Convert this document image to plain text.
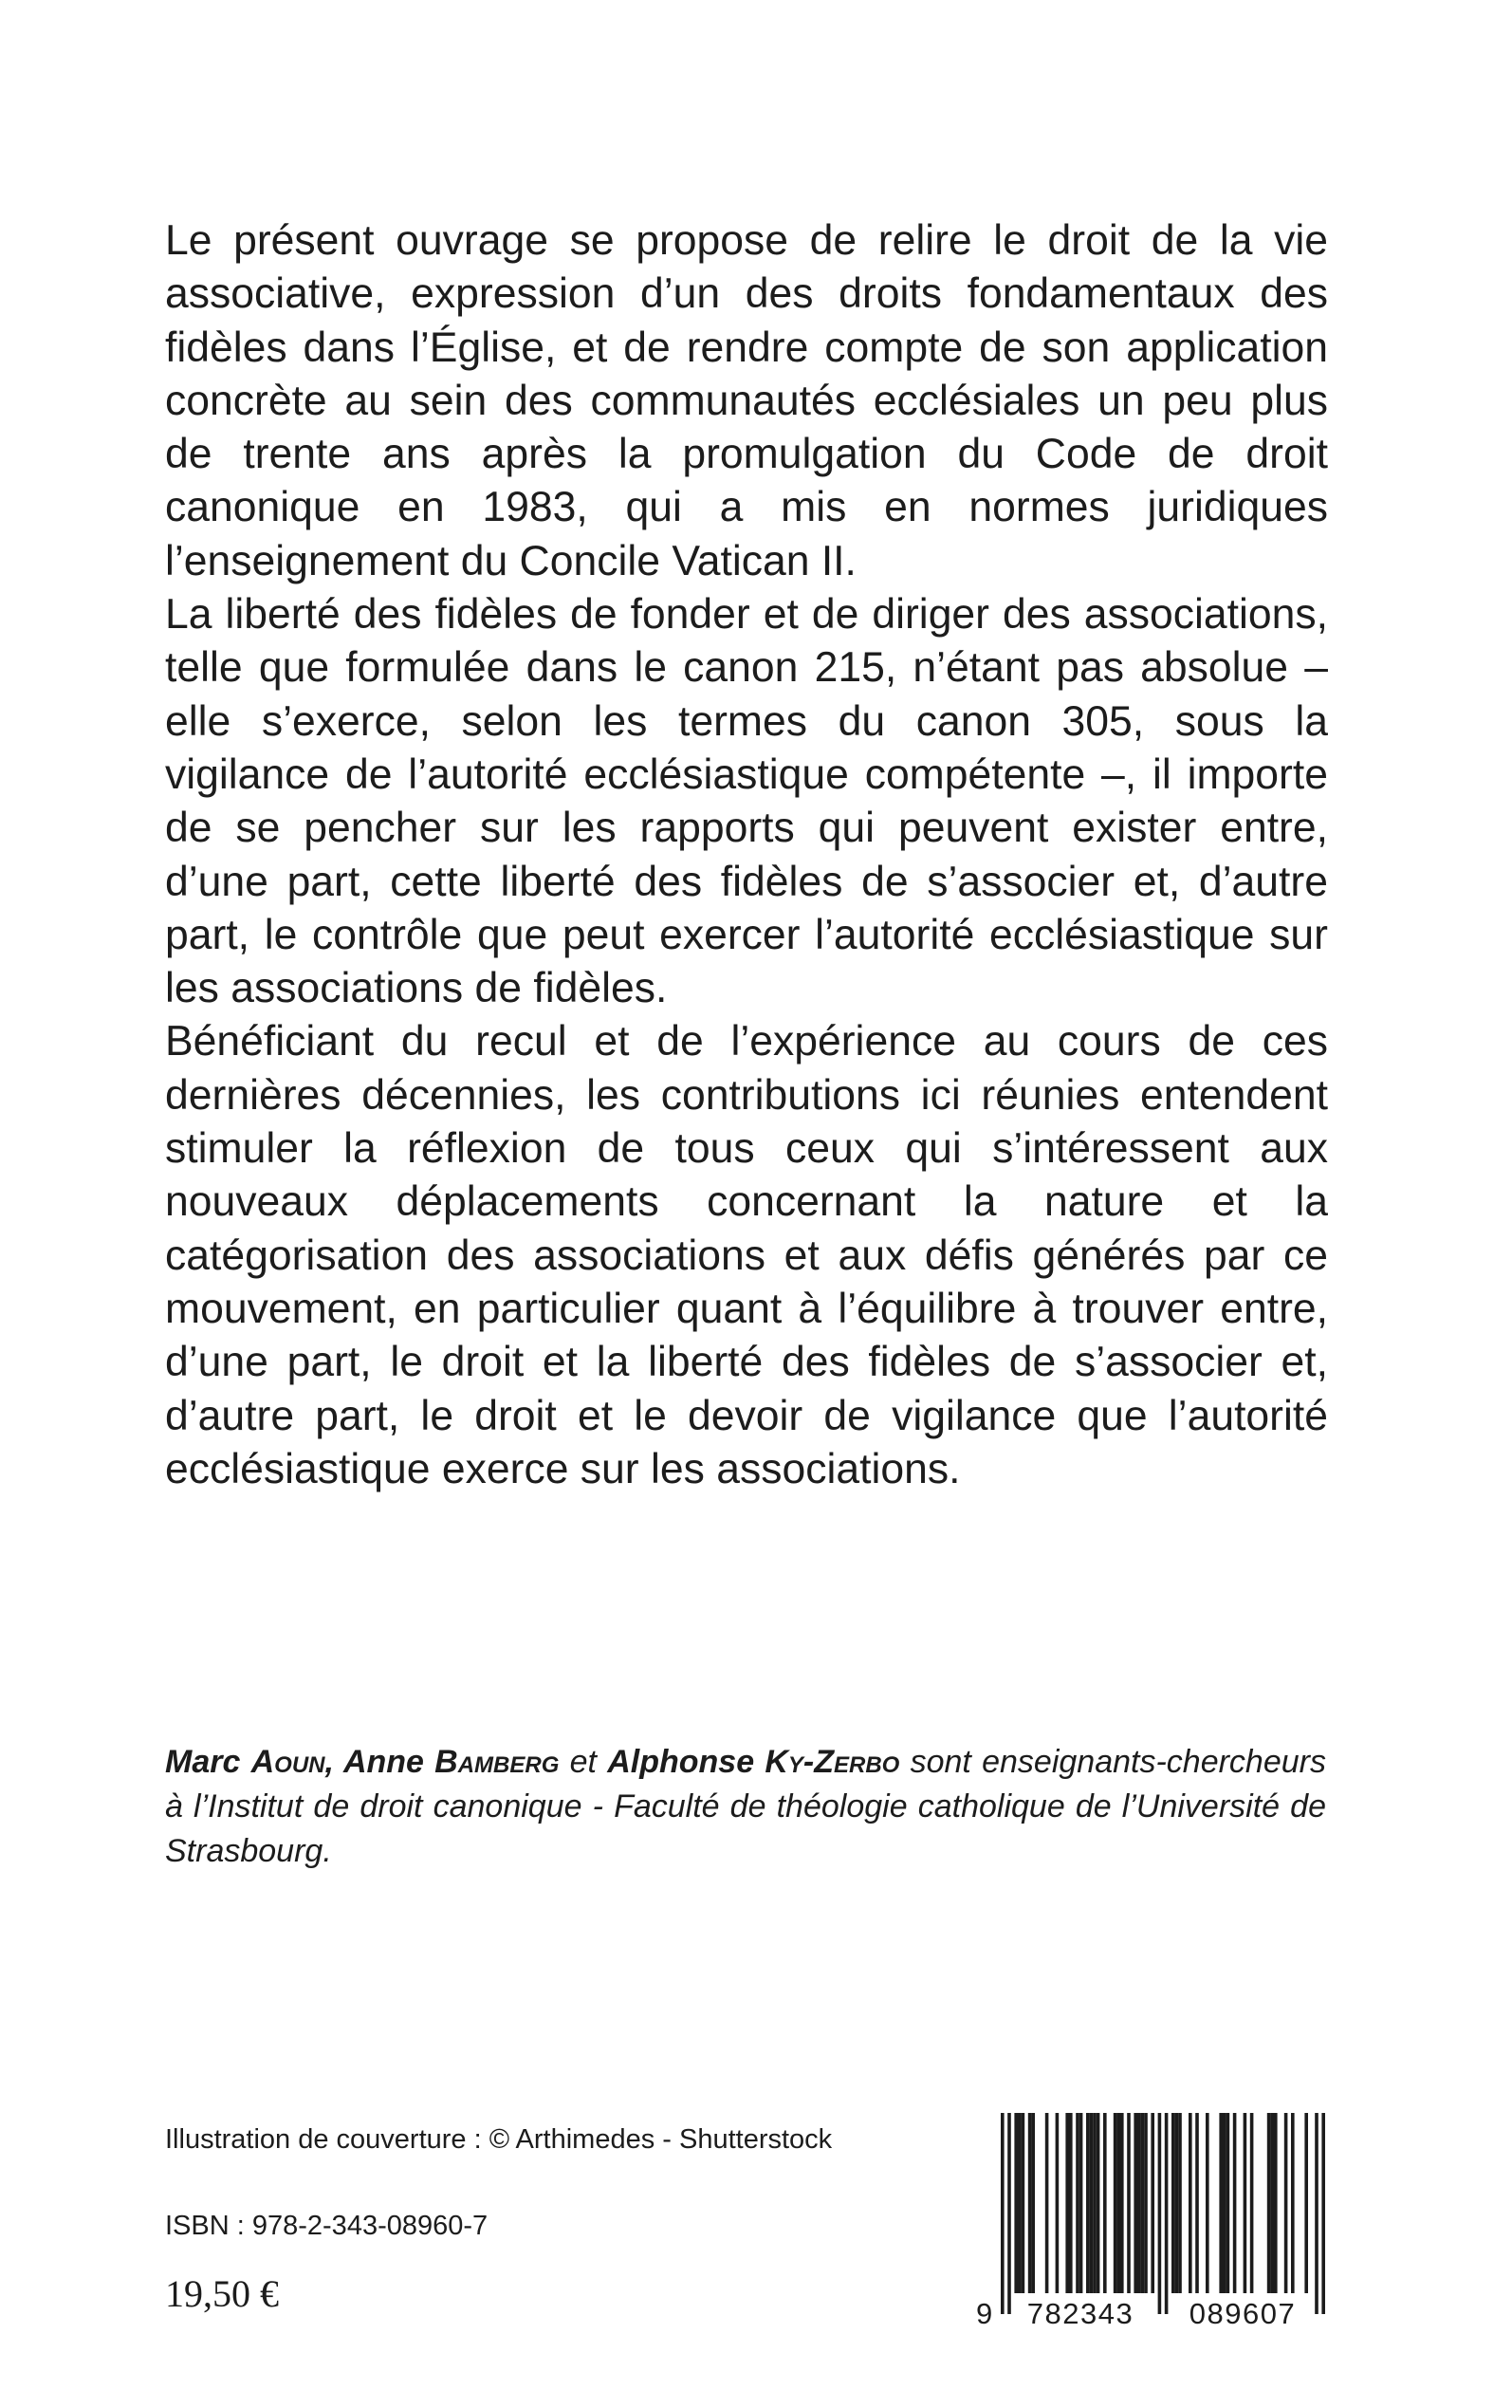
Le présent ouvrage se propose de relire le droit de la vie associative, expression d’un des droits fondamentaux des fidèles dans l’Église, et de rendre compte de son application concrète au sein des communautés ecclésiales un peu plus de trente ans après la promulgation du Code de droit canonique en 1983, qui a mis en normes juridiques l’enseignement du Concile Vatican II.

La liberté des fidèles de fonder et de diriger des associations, telle que formulée dans le canon 215, n’étant pas absolue – elle s’exerce, selon les termes du canon 305, sous la vigilance de l’autorité ecclésiastique compétente –, il importe de se pencher sur les rapports qui peuvent exister entre, d’une part, cette liberté des fidèles de s’associer et, d’autre part, le contrôle que peut exercer l’autorité ecclésiastique sur les associations de fidèles.

Bénéficiant du recul et de l’expérience au cours de ces dernières décennies, les contributions ici réunies entendent stimuler la réflexion de tous ceux qui s’intéressent aux nouveaux déplacements concernant la nature et la catégorisation des associations et aux défis générés par ce mouvement, en particulier quant à l’équilibre à trouver entre, d’une part, le droit et la liberté des fidèles de s’associer et, d’autre part, le droit et le devoir de vigilance que l’autorité ecclésiastique exerce sur les associations.

Marc Aoun, Anne Bamberg et Alphonse Ky-Zerbo sont enseignants-chercheurs à l’Institut de droit canonique - Faculté de théologie catholique de l’Université de Strasbourg.
Illustration de couverture : © Arthimedes - Shutterstock
ISBN : 978-2-343-08960-7
19,50 €	9 782343 089607
